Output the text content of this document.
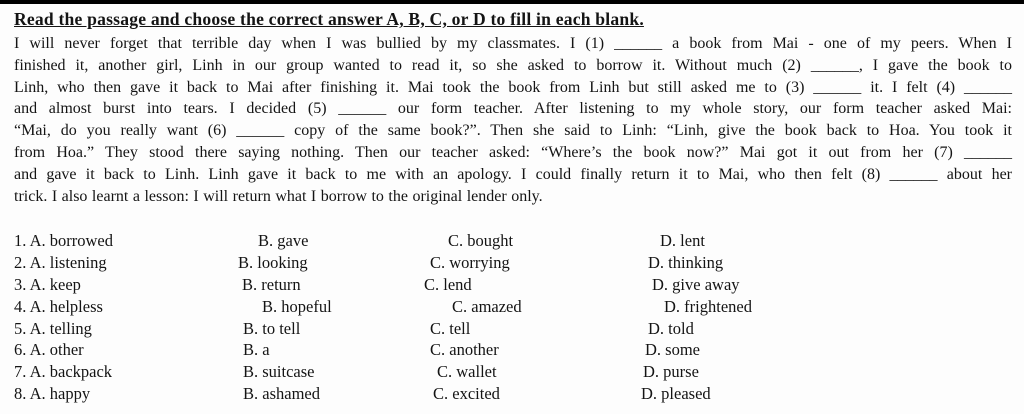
Read the passage and choose the correct answer A, B, C, or D to fill in each blank.
I will never forget that terrible day when I was bullied by my classmates. I (1) ______ a book from Mai - one of my peers. When I
finished it, another girl, Linh in our group wanted to read it, so she asked to borrow it. Without much (2) ______, I gave the book to
Linh, who then gave it back to Mai after finishing it. Mai took the book from Linh but still asked me to (3) ______ it. I felt (4) ______
and almost burst into tears. I decided (5) ______ our form teacher. After listening to my whole story, our form teacher asked Mai:
“Mai, do you really want (6) ______ copy of the same book?”. Then she said to Linh: “Linh, give the book back to Hoa. You took it
from Hoa.” They stood there saying nothing. Then our teacher asked: “Where’s the book now?” Mai got it out from her (7) ______
and gave it back to Linh. Linh gave it back to me with an apology. I could finally return it to Mai, who then felt (8) ______ about her
trick. I also learnt a lesson: I will return what I borrow to the original lender only.
1. A. borrowed	B. gave	C. bought	D. lent
2. A. listening	B. looking	C. worrying	D. thinking
3. A. keep	B. return	C. lend	D. give away
4. A. helpless	B. hopeful	C. amazed	D. frightened
5. A. telling	B. to tell	C. tell	D. told
6. A. other	B. a	C. another	D. some
7. A. backpack	B. suitcase	C. wallet	D. purse
8. A. happy	B. ashamed	C. excited	D. pleased
